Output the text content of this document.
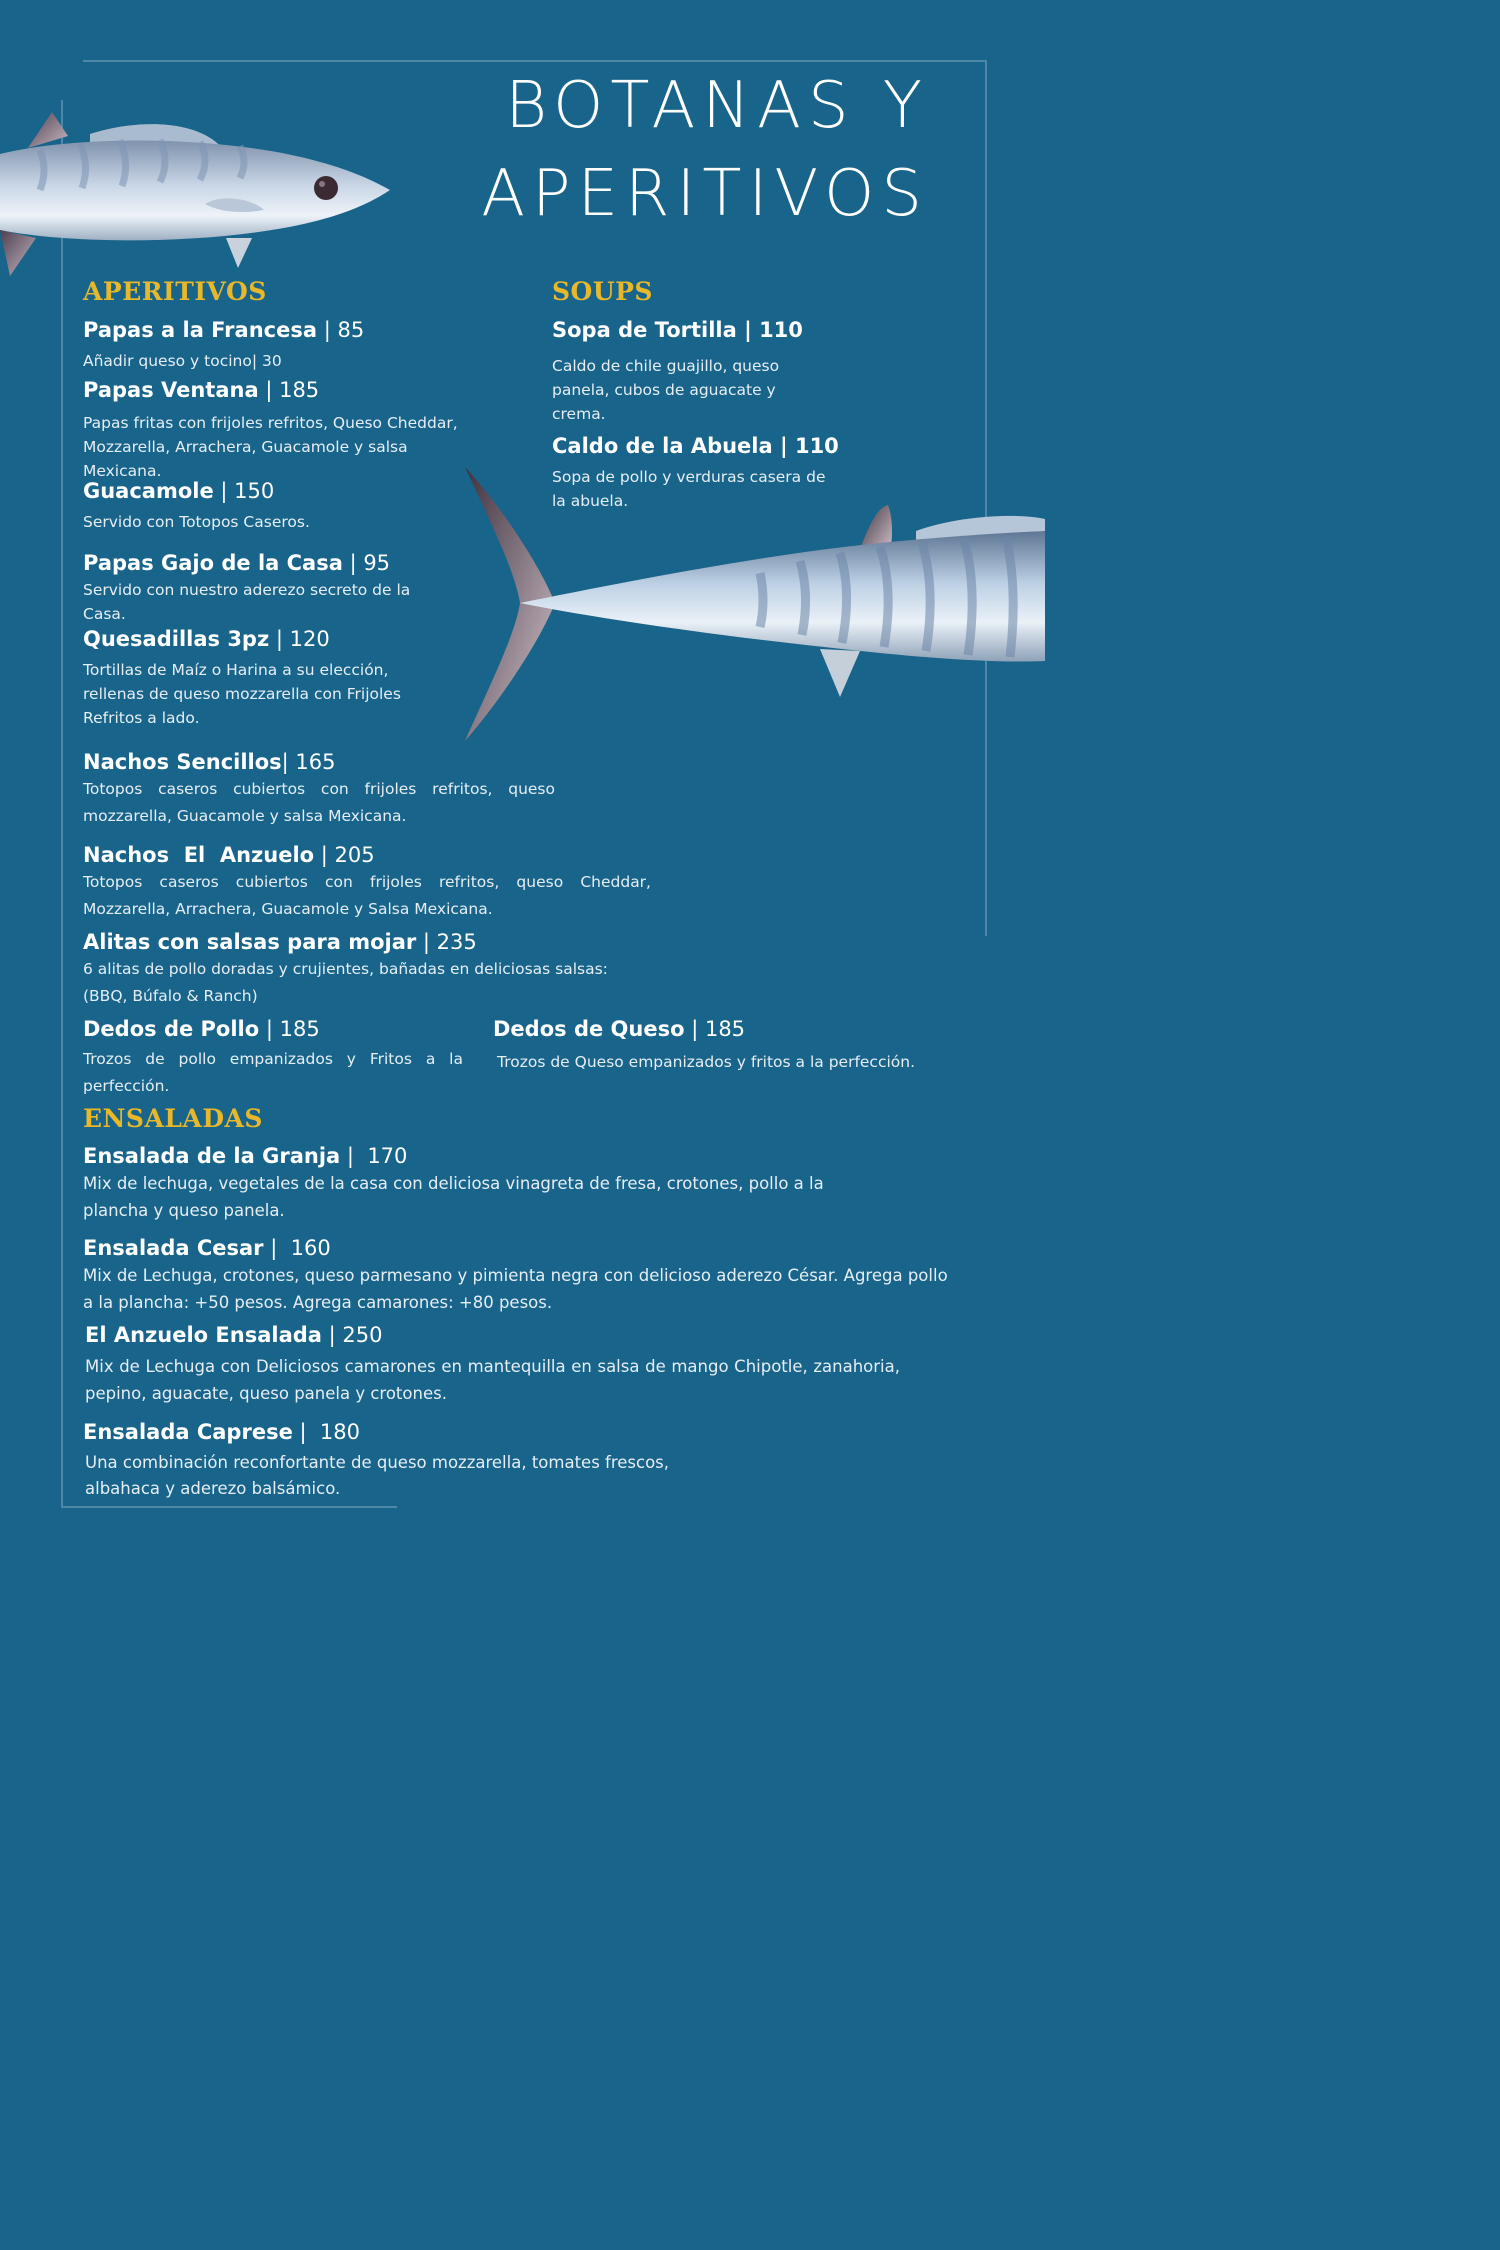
BOTANAS Y
APERITIVOS
APERITIVOS	SOUPS
ENSALADAS
Papas a la Francesa | 85

Añadir queso y tocino| 30

Papas Ventana | 185

Papas fritas con frijoles refritos, Queso Cheddar, Mozzarella, Arrachera, Guacamole y salsa Mexicana.

Guacamole | 150

Servido con Totopos Caseros.

Papas Gajo de la Casa | 95

Servido con nuestro aderezo secreto de la Casa.

Quesadillas 3pz | 120

Tortillas de Maíz o Harina a su elección, rellenas de queso mozzarella con Frijoles Refritos a lado.

Nachos Sencillos| 165

Totopos caseros cubiertos con frijoles refritos, queso mozzarella, Guacamole y salsa Mexicana.

Nachos  El  Anzuelo | 205

Totopos caseros cubiertos con frijoles refritos, queso Cheddar, Mozzarella, Arrachera, Guacamole y Salsa Mexicana.

Alitas con salsas para mojar | 235

6 alitas de pollo doradas y crujientes, bañadas en deliciosas salsas: (BBQ, Búfalo & Ranch)

Dedos de Pollo | 185

Trozos de pollo empanizados y Fritos a la perfección.

Dedos de Queso | 185

Trozos de Queso empanizados y fritos a la perfección.

Sopa de Tortilla | 110

Caldo de chile guajillo, queso panela, cubos de aguacate y crema.

Caldo de la Abuela | 110

Sopa de pollo y verduras casera de la abuela.

Ensalada de la Granja |  170

Mix de lechuga, vegetales de la casa con deliciosa vinagreta de fresa, crotones, pollo a la plancha y queso panela.

Ensalada Cesar |  160

Mix de Lechuga, crotones, queso parmesano y pimienta negra con delicioso aderezo César. Agrega pollo a la plancha: +50 pesos. Agrega camarones: +80 pesos.

El Anzuelo Ensalada | 250

Mix de Lechuga con Deliciosos camarones en mantequilla en salsa de mango Chipotle, zanahoria, pepino, aguacate, queso panela y crotones.

Ensalada Caprese |  180

Una combinación reconfortante de queso mozzarella, tomates frescos, albahaca y aderezo balsámico.
